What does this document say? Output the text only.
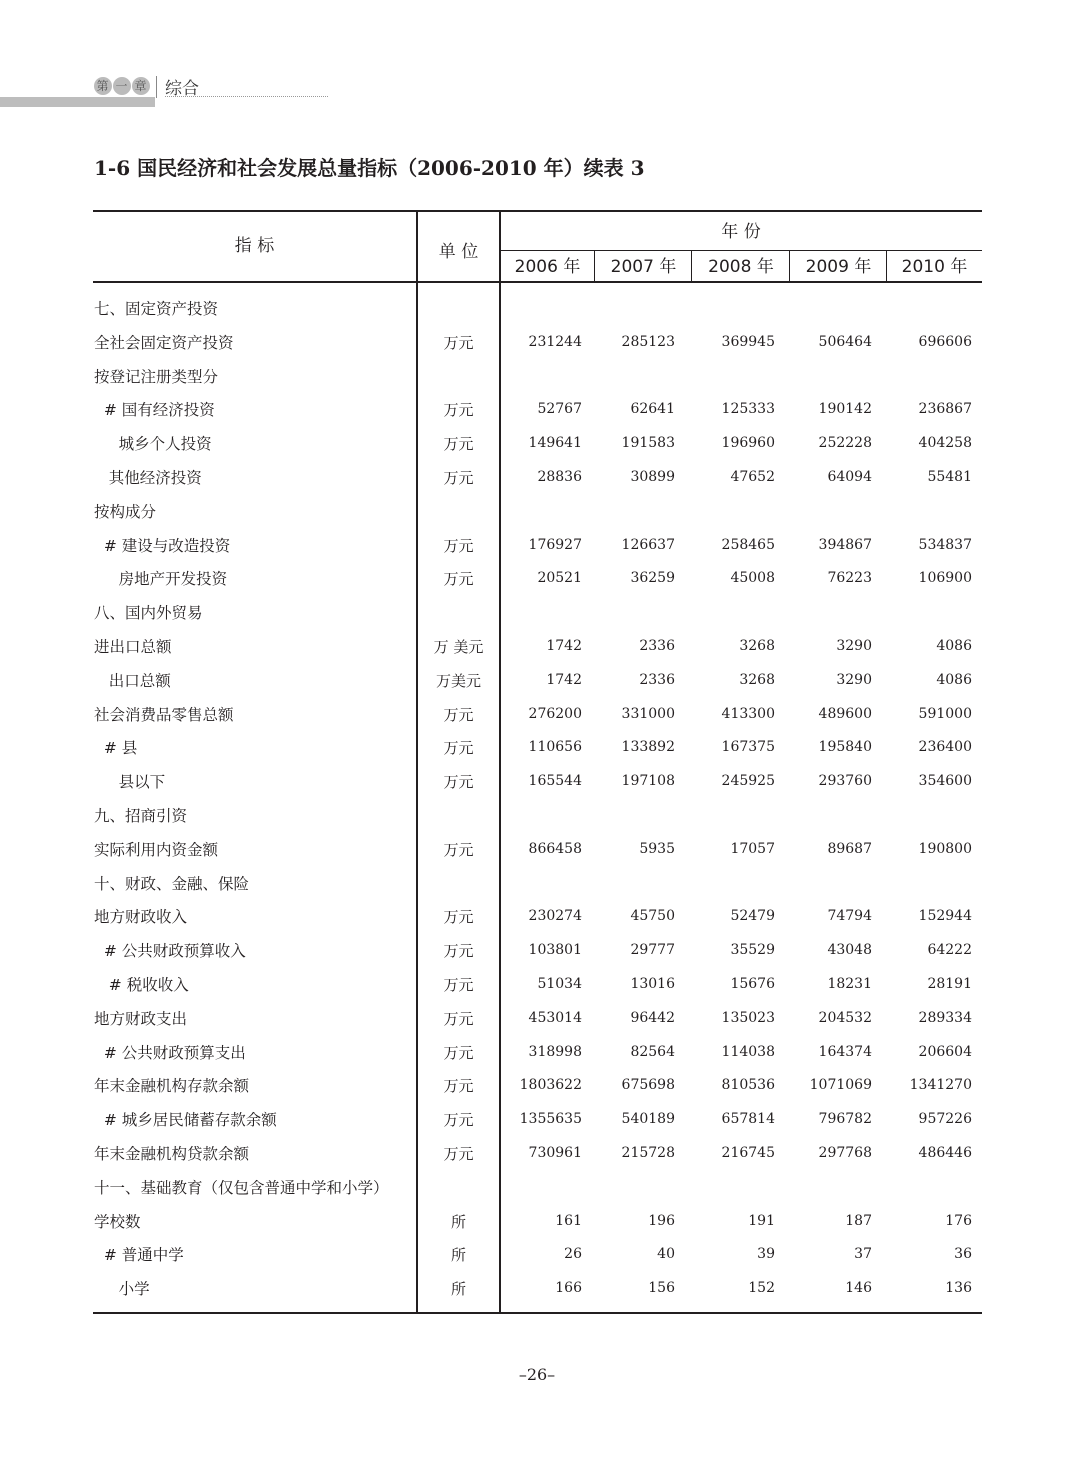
第 一 章 综合
1-6 国民经济和社会发展总量指标（2006-2010 年）续表 3
指 标	单 位
年 份
2006 年	2007 年	2008 年	2009 年	2010 年
七、固定资产投资
全社会固定资产投资	万元	231244	285123	369945	506464	696606
按登记注册类型分
# 国有经济投资	万元	52767	62641	125333	190142	236867
城乡个人投资	万元	149641	191583	196960	252228	404258
其他经济投资	万元	28836	30899	47652	64094	55481
按构成分
# 建设与改造投资	万元	176927	126637	258465	394867	534837
房地产开发投资	万元	20521	36259	45008	76223	106900
八、国内外贸易
进出口总额	万 美元	1742	2336	3268	3290	4086
出口总额	万美元	1742	2336	3268	3290	4086
社会消费品零售总额	万元	276200	331000	413300	489600	591000
# 县	万元	110656	133892	167375	195840	236400
县以下	万元	165544	197108	245925	293760	354600
九、招商引资
实际利用内资金额	万元	866458	5935	17057	89687	190800
十、财政、金融、保险
地方财政收入	万元	230274	45750	52479	74794	152944
# 公共财政预算收入	万元	103801	29777	35529	43048	64222
# 税收收入	万元	51034	13016	15676	18231	28191
地方财政支出	万元	453014	96442	135023	204532	289334
# 公共财政预算支出	万元	318998	82564	114038	164374	206604
年末金融机构存款余额	万元	1803622	675698	810536	1071069	1341270
# 城乡居民储蓄存款余额	万元	1355635	540189	657814	796782	957226
年末金融机构贷款余额	万元	730961	215728	216745	297768	486446
十一、基础教育（仅包含普通中学和小学）
学校数	所	161	196	191	187	176
# 普通中学	所	26	40	39	37	36
小学	所	166	156	152	146	136
–26–
